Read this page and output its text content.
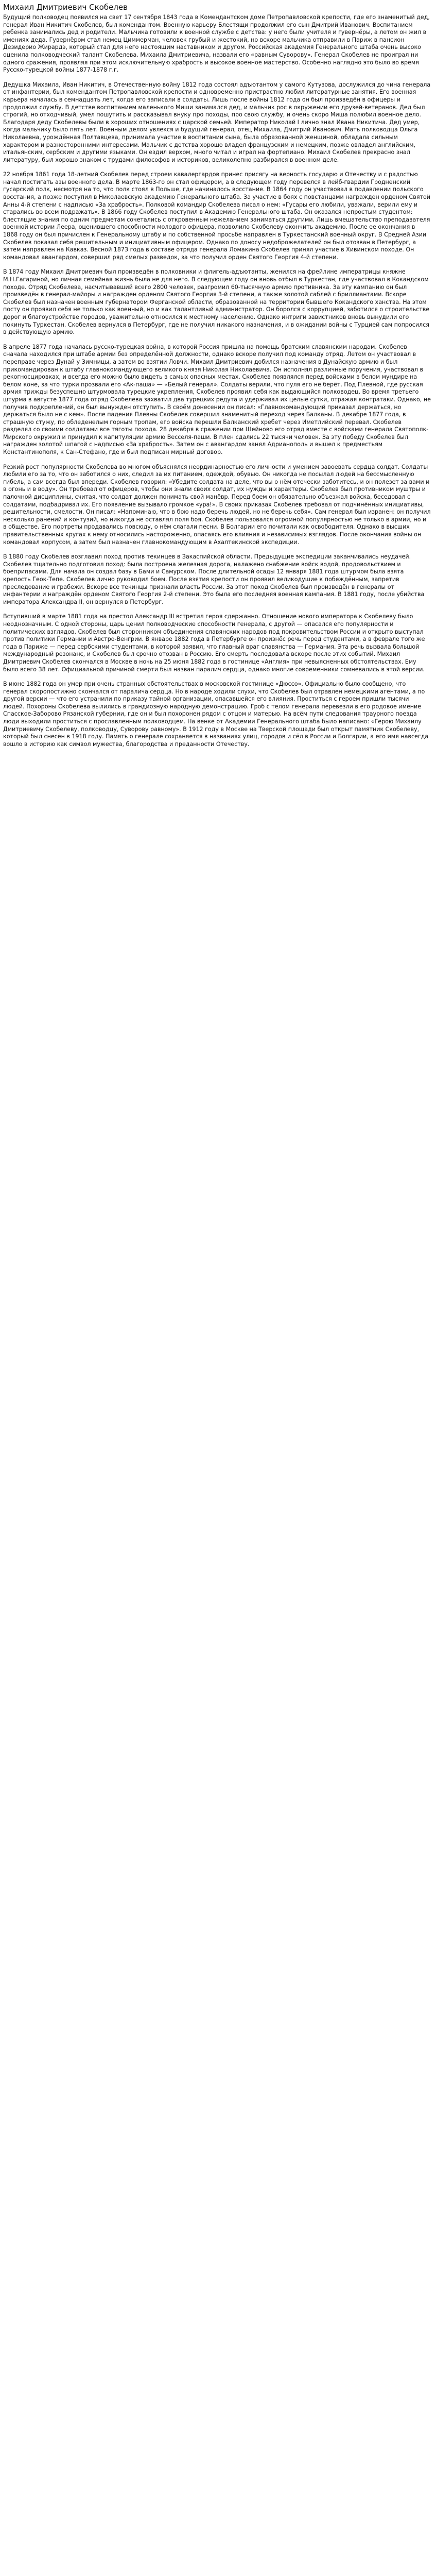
Михаил Дмитриевич Скобелев

Будущий полководец появился на свет 17 сентября 1843 года в Комендантском доме Петропавловской крепости, где его знаменитый дед, генерал Иван Никитич Скобелев, был комендантом. Военную карьеру Блестящи продолжил его сын Дмитрий Иванович. Воспитанием ребенка занимались дед и родители. Мальчика готовили к военной службе с детства: у него были учителя и гувернёры, а летом он жил в имениях деда. Гувернёром стал немец Циммерман, человек грубый и жестокий, но вскоре мальчика отправили в Париж в пансион Дезидерио Жирардэ, который стал для него настоящим наставником и другом. Российская академия Генерального штаба очень высоко оценила полководческий талант Скобелева. Михаила Дмитриевича, назвали его «равным Суворову». Генерал Скобелев не проиграл ни одного сражения, проявляя при этом исключительную храбрость и высокое военное мастерство. Особенно наглядно это было во время Русско-турецкой войны 1877-1878 г.г.

Дедушка Михаила, Иван Никитич, в Отечественную войну 1812 года состоял адъютантом у самого Кутузова, дослужился до чина генерала от инфантерии, был комендантом Петропавловской крепости и одновременно пристрастно любил литературные занятия. Его военная карьера началась в семнадцать лет, когда его записали в солдаты. Лишь после войны 1812 года он был произведён в офицеры и продолжил службу. В детстве воспитанием маленького Миши занимался дед, и мальчик рос в окружении его друзей-ветеранов. Дед был строгий, но отходчивый, умел пошутить и рассказывал внуку про походы, про свою службу, и очень скоро Миша полюбил военное дело. Благодаря деду Скобелевы были в хороших отношениях с царской семьей. Император Николай I лично знал Ивана Никитича. Дед умер, когда мальчику было пять лет. Военным делом увлекся и будущий генерал, отец Михаила, Дмитрий Иванович. Мать полководца Ольга Николаевна, урождённая Полтавцева, принимала участие в воспитании сына, была образованной женщиной, обладала сильным характером и разносторонними интересами. Мальчик с детства хорошо владел французским и немецким, позже овладел английским, итальянским, сербским и другими языками. Он ездил верхом, много читал и играл на фортепиано. Михаил Скобелев прекрасно знал литературу, был хорошо знаком с трудами философов и историков, великолепно разбирался в военном деле.

22 ноября 1861 года 18-летний Скобелев перед строем кавалергардов принес присягу на верность государю и Отечеству и с радостью начал постигать азы военного дела. В марте 1863-го он стал офицером, а в следующем году перевелся в лейб-гвардии Гродненский гусарский полк, несмотря на то, что полк стоял в Польше, где начиналось восстание. В 1864 году он участвовал в подавлении польского восстания, а позже поступил в Николаевскую академию Генерального штаба. За участие в боях с повстанцами награжден орденом Святой Анны 4-й степени с надписью «За храбрость». Полковой командир Скобелева писал о нем: «Гусары его любили, уважали, верили ему и старались во всем подражать». В 1866 году Скобелев поступил в Академию Генерального штаба. Он оказался непростым студентом: блестящие знания по одним предметам сочетались с откровенным нежеланием заниматься другими. Лишь вмешательство преподавателя военной истории Леера, оценившего способности молодого офицера, позволило Скобелеву окончить академию. После ее окончания в 1868 году он был причислен к Генеральному штабу и по собственной просьбе направлен в Туркестанский военный округ. В Средней Азии Скобелев показал себя решительным и инициативным офицером. Однако по доносу недоброжелателей он был отозван в Петербург, а затем направлен на Кавказ. Весной 1873 года в составе отряда генерала Ломакина Скобелев принял участие в Хивинском походе. Он командовал авангардом, совершил ряд смелых разведок, за что получил орден Святого Георгия 4-й степени.

В 1874 году Михаил Дмитриевич был произведён в полковники и флигель-адъютанты, женился на фрейлине императрицы княжне М.Н.Гагариной, но личная семейная жизнь была не для него. В следующем году он вновь отбыл в Туркестан, где участвовал в Кокандском походе. Отряд Скобелева, насчитывавший всего 2800 человек, разгромил 60-тысячную армию противника. За эту кампанию он был произведён в генерал-майоры и награжден орденом Святого Георгия 3-й степени, а также золотой саблей с бриллиантами. Вскоре Скобелев был назначен военным губернатором Ферганской области, образованной на территории бывшего Кокандского ханства. На этом посту он проявил себя не только как военный, но и как талантливый администратор. Он боролся с коррупцией, заботился о строительстве дорог и благоустройстве городов, уважительно относился к местному населению. Однако интриги завистников вновь вынудили его покинуть Туркестан. Скобелев вернулся в Петербург, где не получил никакого назначения, и в ожидании войны с Турцией сам попросился в действующую армию.

В апреле 1877 года началась русско-турецкая война, в которой Россия пришла на помощь братским славянским народам. Скобелев сначала находился при штабе армии без определённой должности, однако вскоре получил под команду отряд. Летом он участвовал в переправе через Дунай у Зимницы, а затем во взятии Ловчи. Михаил Дмитриевич добился назначения в Дунайскую армию и был прикомандирован к штабу главнокомандующего великого князя Николая Николаевича. Он исполнял различные поручения, участвовал в рекогносцировках, и всегда его можно было видеть в самых опасных местах. Скобелев появлялся перед войсками в белом мундире на белом коне, за что турки прозвали его «Ак-паша» — «Белый генерал». Солдаты верили, что пуля его не берёт. Под Плевной, где русская армия трижды безуспешно штурмовала турецкие укрепления, Скобелев проявил себя как выдающийся полководец. Во время третьего штурма в августе 1877 года отряд Скобелева захватил два турецких редута и удерживал их целые сутки, отражая контратаки. Однако, не получив подкреплений, он был вынужден отступить. В своём донесении он писал: «Главнокомандующий приказал держаться, но держаться было не с кем». После падения Плевны Скобелев совершил знаменитый переход через Балканы. В декабре 1877 года, в страшную стужу, по обледенелым горным тропам, его войска перешли Балканский хребет через Иметлийский перевал. Скобелев разделял со своими солдатами все тяготы похода. 28 декабря в сражении при Шейново его отряд вместе с войсками генерала Святополк-Мирского окружил и принудил к капитуляции армию Весселя-паши. В плен сдались 22 тысячи человек. За эту победу Скобелев был награжден золотой шпагой с надписью «За храбрость». Затем он с авангардом занял Адрианополь и вышел к предместьям Константинополя, к Сан-Стефано, где и был подписан мирный договор.

Резкий рост популярности Скобелева во многом объяснялся неординарностью его личности и умением завоевать сердца солдат. Солдаты любили его за то, что он заботился о них, следил за их питанием, одеждой, обувью. Он никогда не посылал людей на бессмысленную гибель, а сам всегда был впереди. Скобелев говорил: «Убедите солдата на деле, что вы о нём отечески заботитесь, и он полезет за вами и в огонь и в воду». Он требовал от офицеров, чтобы они знали своих солдат, их нужды и характеры. Скобелев был противником муштры и палочной дисциплины, считая, что солдат должен понимать свой манёвр. Перед боем он обязательно объезжал войска, беседовал с солдатами, подбадривал их. Его появление вызывало громкое «ура!». В своих приказах Скобелев требовал от подчинённых инициативы, решительности, смелости. Он писал: «Напоминаю, что в бою надо беречь людей, но не беречь себя». Сам генерал был изранен: он получил несколько ранений и контузий, но никогда не оставлял поля боя. Скобелев пользовался огромной популярностью не только в армии, но и в обществе. Его портреты продавались повсюду, о нём слагали песни. В Болгарии его почитали как освободителя. Однако в высших правительственных кругах к нему относились настороженно, опасаясь его влияния и независимых взглядов. После окончания войны он командовал корпусом, а затем был назначен главнокомандующим в Ахалтекинской экспедиции.

В 1880 году Скобелев возглавил поход против текинцев в Закаспийской области. Предыдущие экспедиции заканчивались неудачей. Скобелев тщательно подготовил поход: была построена железная дорога, налажено снабжение войск водой, продовольствием и боеприпасами. Для начала он создал базу в Бами и Самурском. После длительной осады 12 января 1881 года штурмом была взята крепость Геок-Тепе. Скобелев лично руководил боем. После взятия крепости он проявил великодушие к побеждённым, запретив преследование и грабежи. Вскоре все текинцы признали власть России. За этот поход Скобелев был произведён в генералы от инфантерии и награждён орденом Святого Георгия 2-й степени. Это была его последняя военная кампания. В 1881 году, после убийства императора Александра II, он вернулся в Петербург.

Вступивший в марте 1881 года на престол Александр III встретил героя сдержанно. Отношение нового императора к Скобелеву было неоднозначным. С одной стороны, царь ценил полководческие способности генерала, с другой — опасался его популярности и политических взглядов. Скобелев был сторонником объединения славянских народов под покровительством России и открыто выступал против политики Германии и Австро-Венгрии. В январе 1882 года в Петербурге он произнёс речь перед студентами, а в феврале того же года в Париже — перед сербскими студентами, в которой заявил, что главный враг славянства — Германия. Эта речь вызвала большой международный резонанс, и Скобелев был срочно отозван в Россию. Его смерть последовала вскоре после этих событий. Михаил Дмитриевич Скобелев скончался в Москве в ночь на 25 июня 1882 года в гостинице «Англия» при невыясненных обстоятельствах. Ему было всего 38 лет. Официальной причиной смерти был назван паралич сердца, однако многие современники сомневались в этой версии.

В июне 1882 года он умер при очень странных обстоятельствах в московской гостинице «Дюссо». Официально было сообщено, что генерал скоропостижно скончался от паралича сердца. Но в народе ходили слухи, что Скобелев был отравлен немецкими агентами, а по другой версии — что его устранили по приказу тайной организации, опасавшейся его влияния. Проститься с героем пришли тысячи людей. Похороны Скобелева вылились в грандиозную народную демонстрацию. Гроб с телом генерала перевезли в его родовое имение Спасское-Заборово Рязанской губернии, где он и был похоронен рядом с отцом и матерью. На всём пути следования траурного поезда люди выходили проститься с прославленным полководцем. На венке от Академии Генерального штаба было написано: «Герою Михаилу Дмитриевичу Скобелеву, полководцу, Суворову равному». В 1912 году в Москве на Тверской площади был открыт памятник Скобелеву, который был снесён в 1918 году. Память о генерале сохраняется в названиях улиц, городов и сёл в России и Болгарии, а его имя навсегда вошло в историю как символ мужества, благородства и преданности Отечеству.
